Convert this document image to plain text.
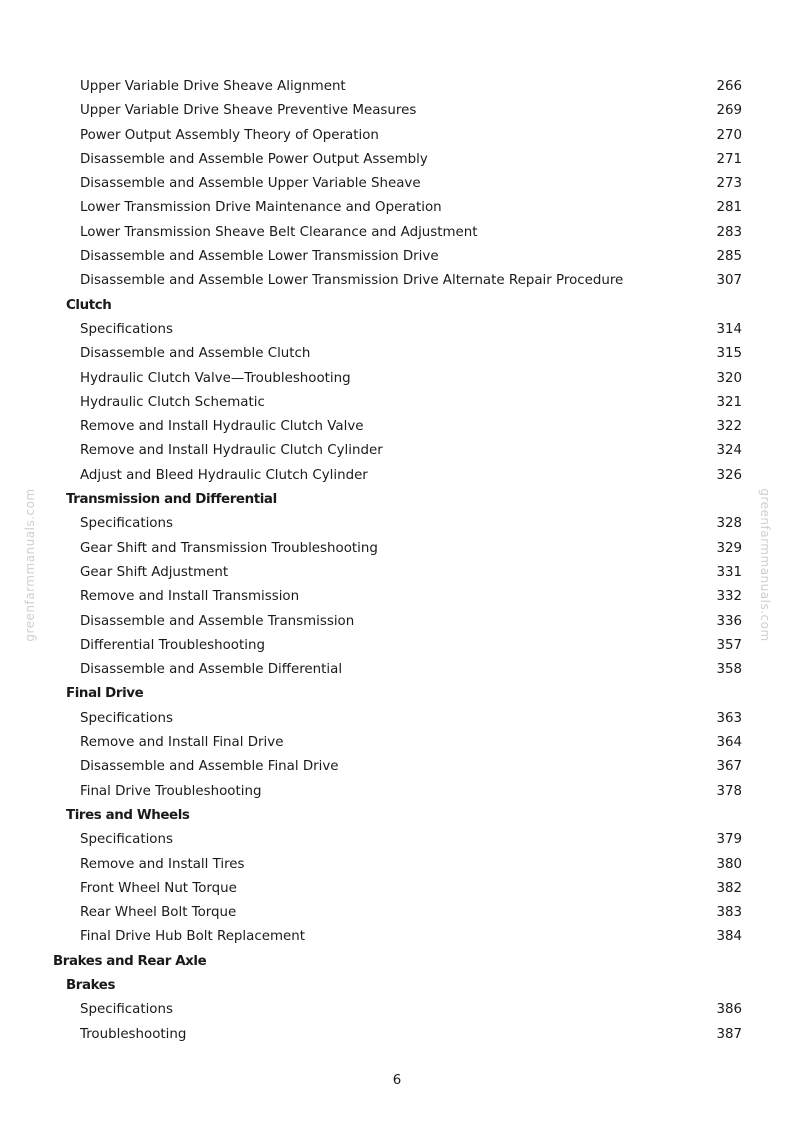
greenfarmmanuals.com	greenfarmmanuals.com
Upper Variable Drive Sheave Alignment	266
Upper Variable Drive Sheave Preventive Measures	269
Power Output Assembly Theory of Operation	270
Disassemble and Assemble Power Output Assembly	271
Disassemble and Assemble Upper Variable Sheave	273
Lower Transmission Drive Maintenance and Operation	281
Lower Transmission Sheave Belt Clearance and Adjustment	283
Disassemble and Assemble Lower Transmission Drive	285
Disassemble and Assemble Lower Transmission Drive Alternate Repair Procedure	307
Clutch
Specifications	314
Disassemble and Assemble Clutch	315
Hydraulic Clutch Valve—Troubleshooting	320
Hydraulic Clutch Schematic	321
Remove and Install Hydraulic Clutch Valve	322
Remove and Install Hydraulic Clutch Cylinder	324
Adjust and Bleed Hydraulic Clutch Cylinder	326
Transmission and Differential
Specifications	328
Gear Shift and Transmission Troubleshooting	329
Gear Shift Adjustment	331
Remove and Install Transmission	332
Disassemble and Assemble Transmission	336
Differential Troubleshooting	357
Disassemble and Assemble Differential	358
Final Drive
Specifications	363
Remove and Install Final Drive	364
Disassemble and Assemble Final Drive	367
Final Drive Troubleshooting	378
Tires and Wheels
Specifications	379
Remove and Install Tires	380
Front Wheel Nut Torque	382
Rear Wheel Bolt Torque	383
Final Drive Hub Bolt Replacement	384
Brakes and Rear Axle
Brakes
Specifications	386
Troubleshooting	387
6
